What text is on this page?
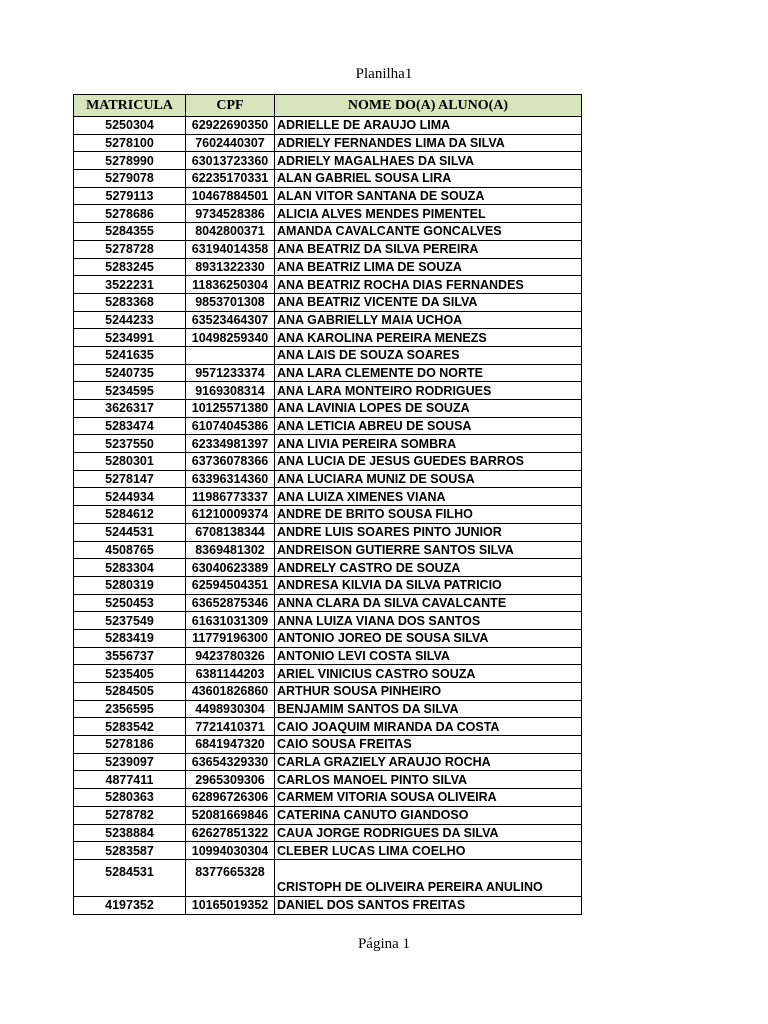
Planilha1
MATRICULA	CPF	NOME DO(A) ALUNO(A)
5250304	62922690350	ADRIELLE DE ARAUJO LIMA
5278100	7602440307	ADRIELY FERNANDES LIMA DA SILVA
5278990	63013723360	ADRIELY MAGALHAES DA SILVA
5279078	62235170331	ALAN GABRIEL SOUSA LIRA
5279113	10467884501	ALAN VITOR SANTANA DE SOUZA
5278686	9734528386	ALICIA ALVES MENDES PIMENTEL
5284355	8042800371	AMANDA CAVALCANTE GONCALVES
5278728	63194014358	ANA BEATRIZ DA SILVA PEREIRA
5283245	8931322330	ANA BEATRIZ LIMA DE SOUZA
3522231	11836250304	ANA BEATRIZ ROCHA DIAS FERNANDES
5283368	9853701308	ANA BEATRIZ VICENTE DA SILVA
5244233	63523464307	ANA GABRIELLY MAIA UCHOA
5234991	10498259340	ANA KAROLINA PEREIRA MENEZS
5241635		ANA LAIS DE SOUZA SOARES
5240735	9571233374	ANA LARA CLEMENTE DO NORTE
5234595	9169308314	ANA LARA MONTEIRO RODRIGUES
3626317	10125571380	ANA LAVINIA LOPES DE SOUZA
5283474	61074045386	ANA LETICIA ABREU DE SOUSA
5237550	62334981397	ANA LIVIA PEREIRA SOMBRA
5280301	63736078366	ANA LUCIA DE JESUS GUEDES BARROS
5278147	63396314360	ANA LUCIARA MUNIZ DE SOUSA
5244934	11986773337	ANA LUIZA XIMENES VIANA
5284612	61210009374	ANDRE DE BRITO SOUSA FILHO
5244531	6708138344	ANDRE LUIS SOARES PINTO JUNIOR
4508765	8369481302	ANDREISON GUTIERRE SANTOS SILVA
5283304	63040623389	ANDRELY CASTRO DE SOUZA
5280319	62594504351	ANDRESA KILVIA DA SILVA PATRICIO
5250453	63652875346	ANNA CLARA DA SILVA CAVALCANTE
5237549	61631031309	ANNA LUIZA VIANA DOS SANTOS
5283419	11779196300	ANTONIO JOREO DE SOUSA SILVA
3556737	9423780326	ANTONIO LEVI COSTA SILVA
5235405	6381144203	ARIEL VINICIUS CASTRO SOUZA
5284505	43601826860	ARTHUR SOUSA PINHEIRO
2356595	4498930304	BENJAMIM SANTOS DA SILVA
5283542	7721410371	CAIO JOAQUIM MIRANDA DA COSTA
5278186	6841947320	CAIO SOUSA FREITAS
5239097	63654329330	CARLA GRAZIELY ARAUJO ROCHA
4877411	2965309306	CARLOS MANOEL PINTO SILVA
5280363	62896726306	CARMEM VITORIA SOUSA OLIVEIRA
5278782	52081669846	CATERINA CANUTO GIANDOSO
5238884	62627851322	CAUA JORGE RODRIGUES DA SILVA
5283587	10994030304	CLEBER LUCAS LIMA COELHO
5284531	8377665328	CRISTOPH DE OLIVEIRA PEREIRA ANULINO
4197352	10165019352	DANIEL DOS SANTOS FREITAS
Página 1
